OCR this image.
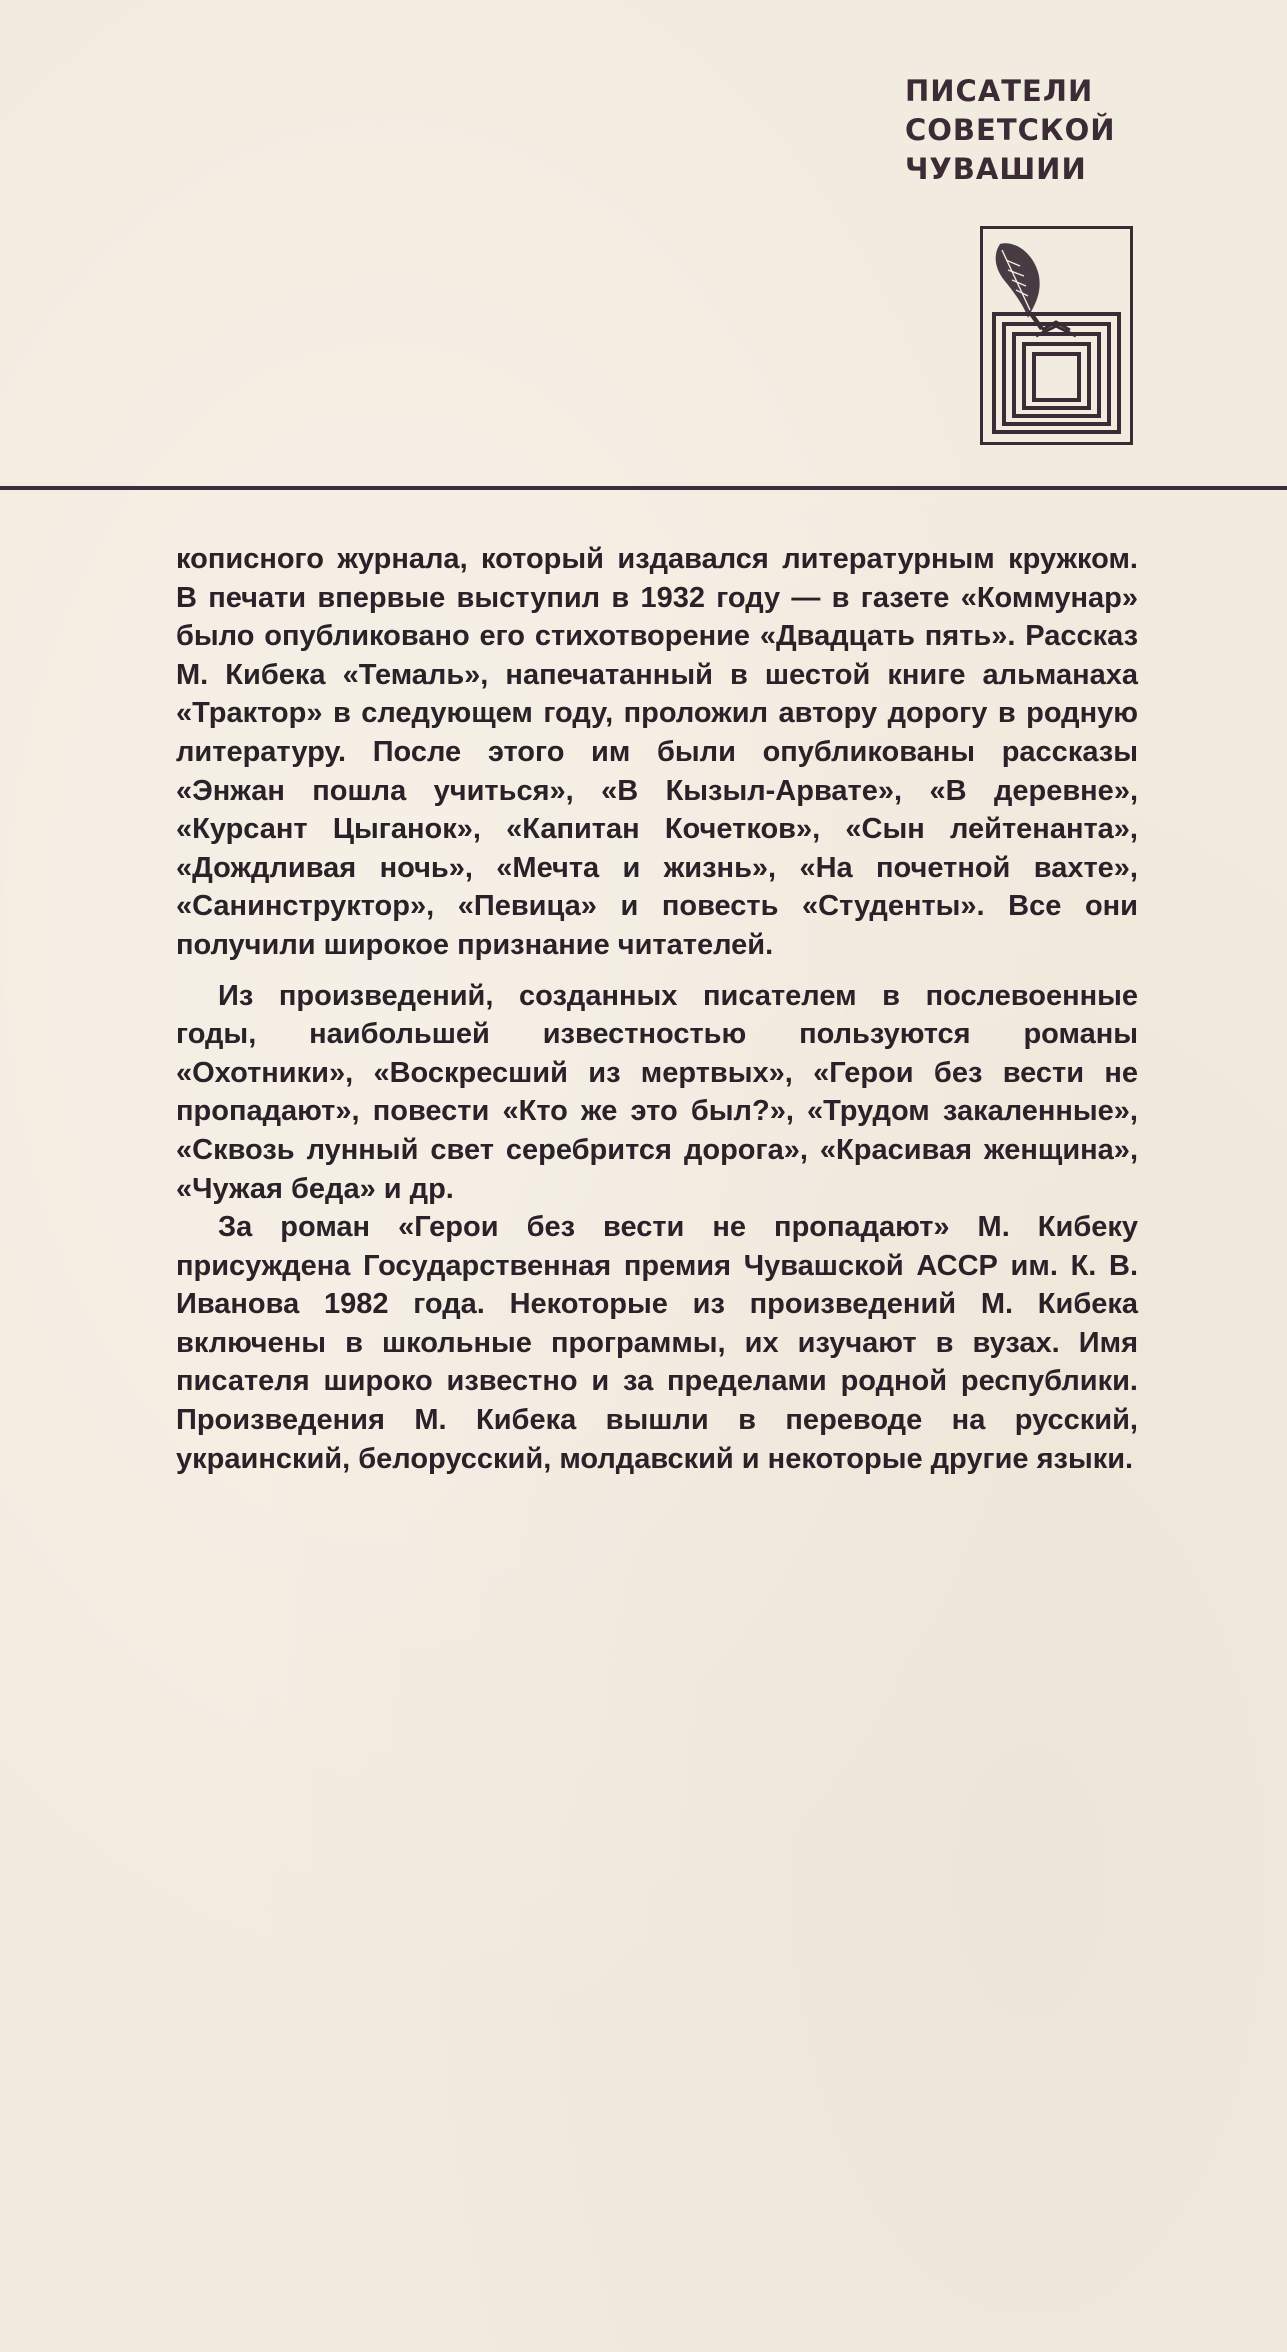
ПИСАТЕЛИ
СОВЕТСКОЙ
ЧУВАШИИ

кописного журнала, который издавался литературным кружком. В печати впервые выступил в 1932 году — в газете «Коммунар» было опубликовано его стихотворение «Двадцать пять». Рассказ М. Кибека «Темаль», напечатанный в шестой книге альманаха «Трактор» в следующем году, проложил автору дорогу в родную литературу. После этого им были опубликованы рассказы «Энжан пошла учиться», «В Кызыл-Арвате», «В деревне», «Курсант Цыганок», «Капитан Кочетков», «Сын лейтенанта», «Дождливая ночь», «Мечта и жизнь», «На почетной вахте», «Санинструктор», «Певица» и повесть «Студенты». Все они получили широкое признание читателей.

Из произведений, созданных писателем в послевоенные годы, наибольшей известностью пользуются романы «Охотники», «Воскресший из мертвых», «Герои без вести не пропадают», повести «Кто же это был?», «Трудом закаленные», «Сквозь лунный свет серебрится дорога», «Красивая женщина», «Чужая беда» и др.

За роман «Герои без вести не пропадают» М. Кибеку присуждена Государственная премия Чувашской АССР им. К. В. Иванова 1982 года. Некоторые из произведений М. Кибека включены в школьные программы, их изучают в вузах. Имя писателя широко известно и за пределами родной республики. Произведения М. Кибека вышли в переводе на русский, украинский, белорусский, молдавский и некоторые другие языки.
